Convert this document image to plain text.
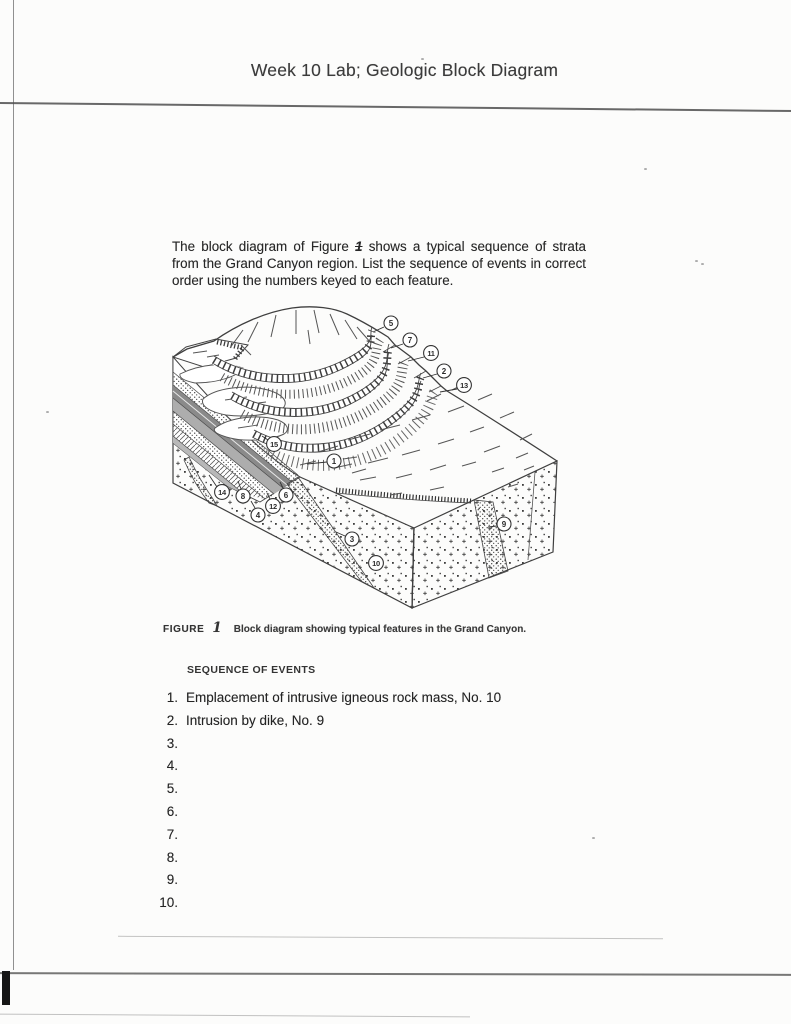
Week 10 Lab; Geologic Block Diagram
The block diagram of Figure 1 shows a typical sequence of strata from the Grand Canyon region. List the sequence of events in correct order using the numbers keyed to each feature.
1
2
3
4
5
6
7
8
9
10
11
12
13
14
15
FIGURE 1 Block diagram showing typical features in the Grand Canyon.
SEQUENCE OF EVENTS
1. Emplacement of intrusive igneous rock mass, No. 10
2. Intrusion by dike, No. 9
3.
4.
5.
6.
7.
8.
9.
10.
